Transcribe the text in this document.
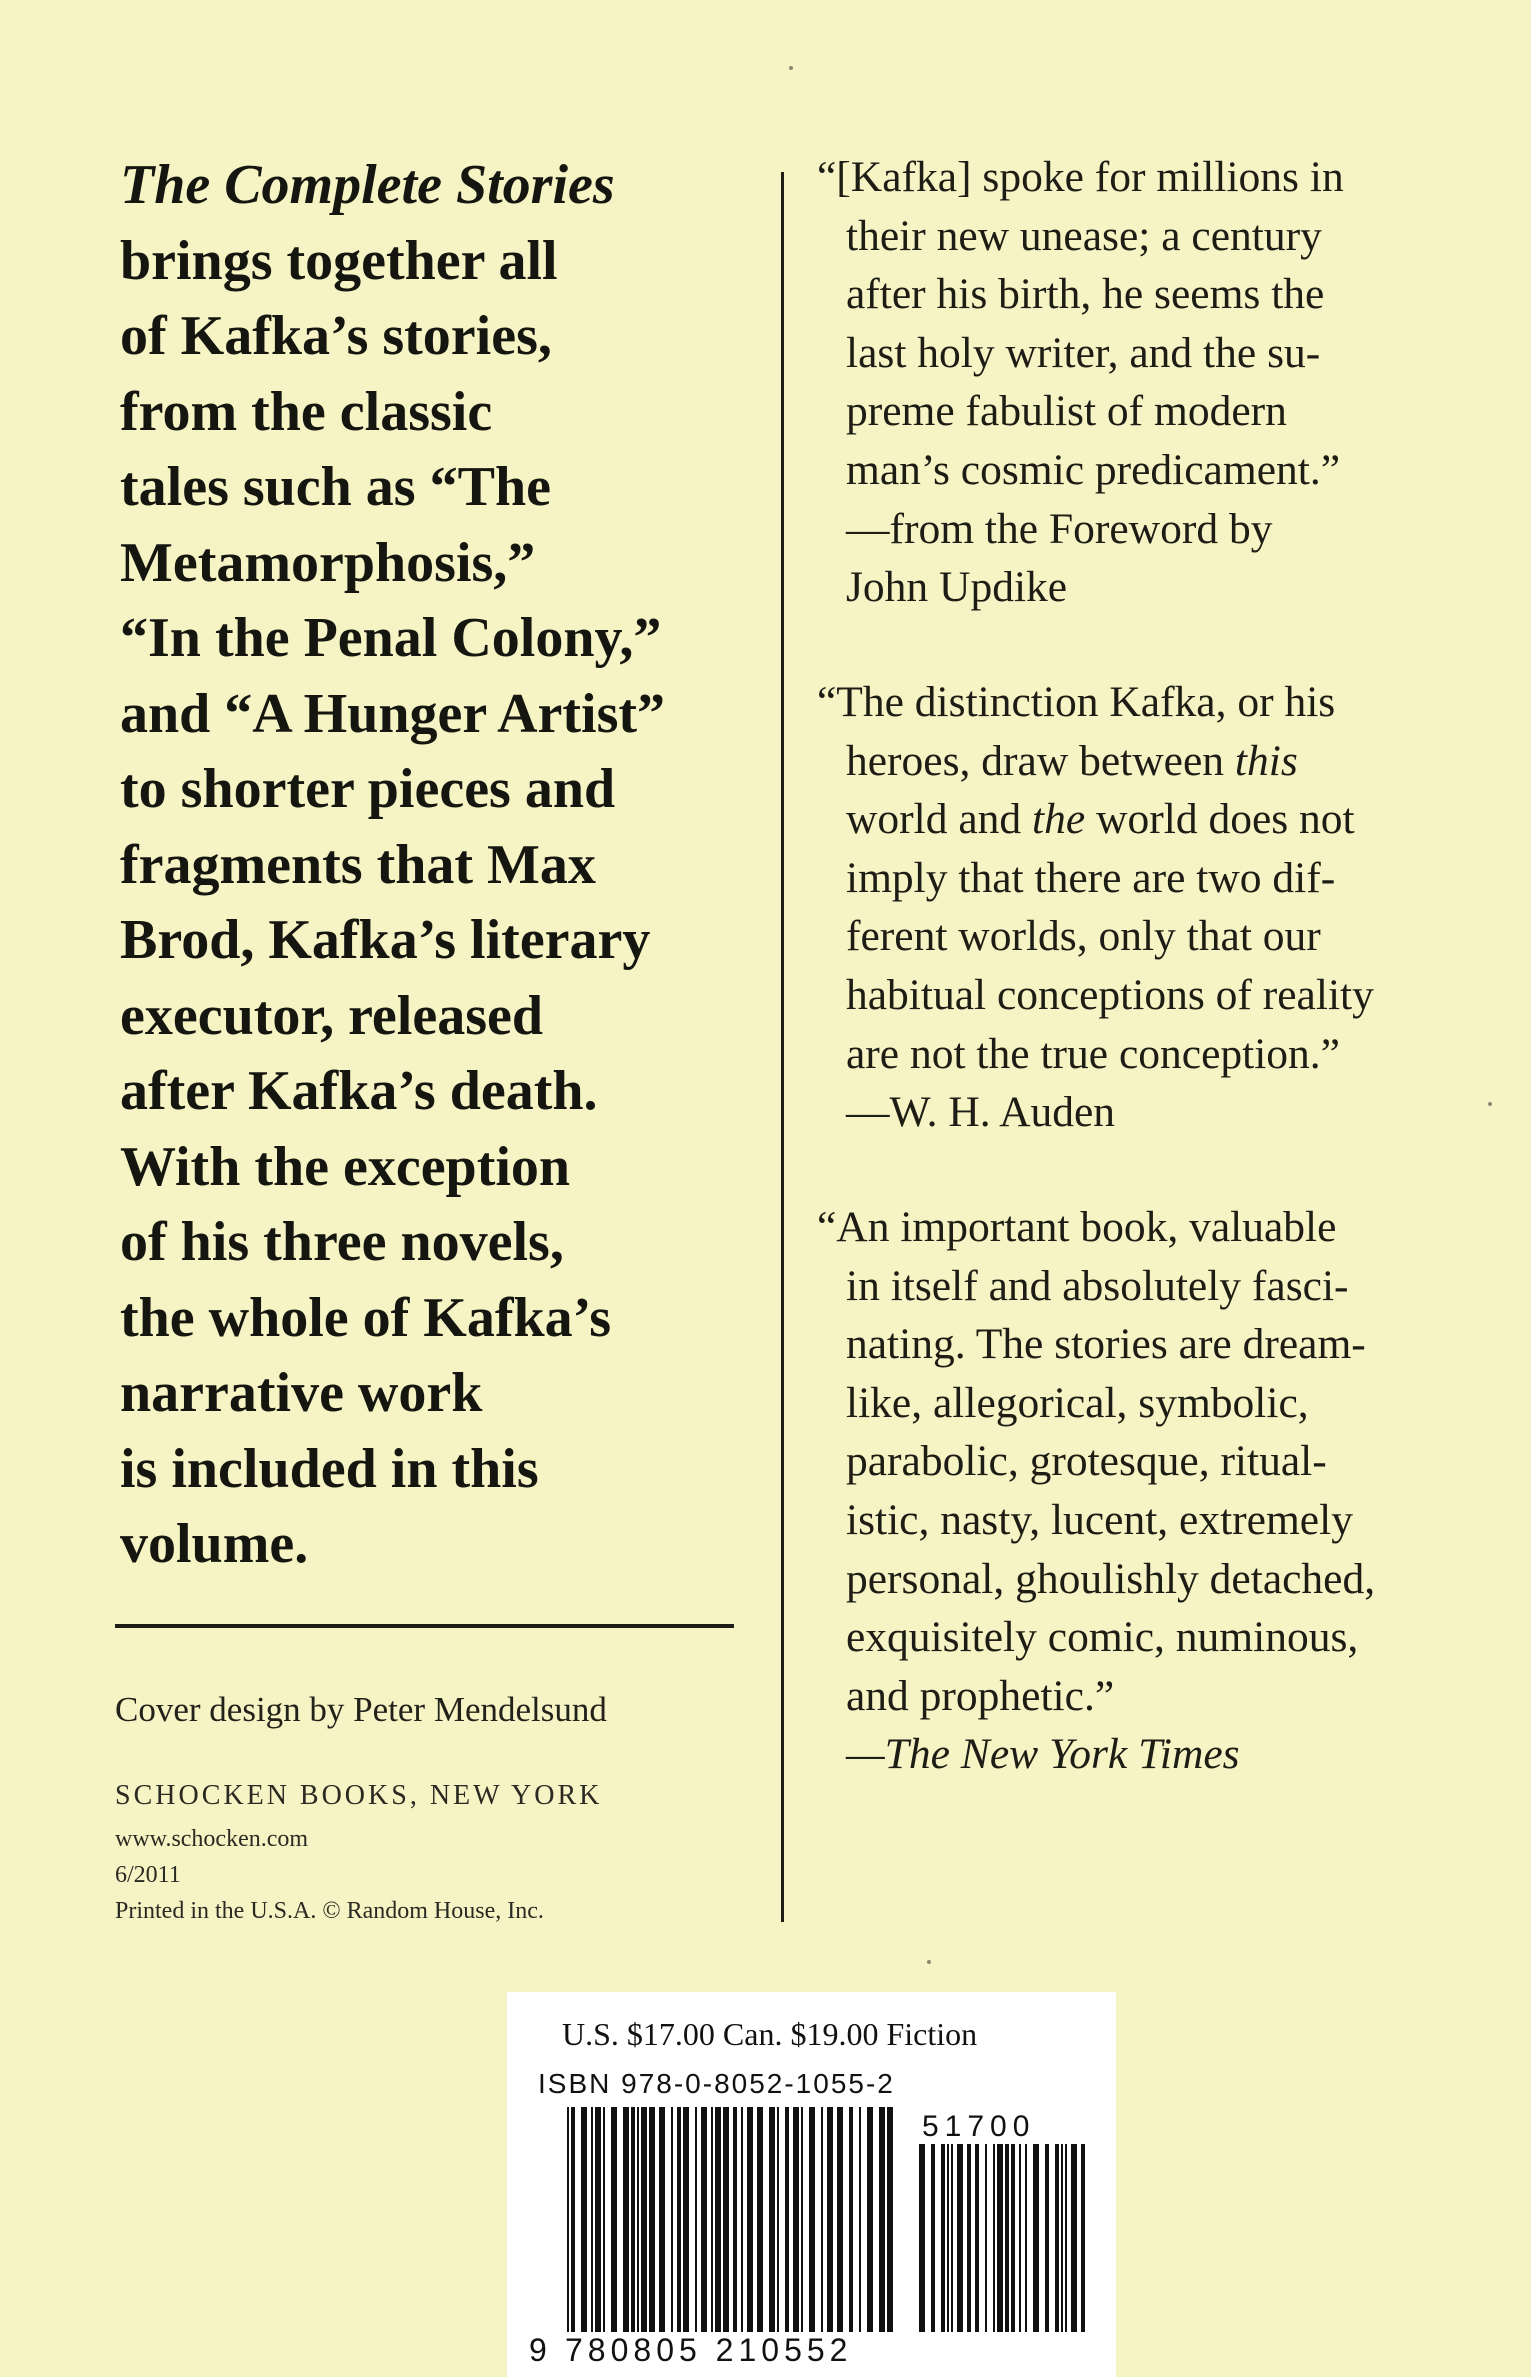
The Complete Stories
brings together all
of Kafka’s stories,
from the classic
tales such as “The
Metamorphosis,”
“In the Penal Colony,”
and “A Hunger Artist”
to shorter pieces and
fragments that Max
Brod, Kafka’s literary
executor, released
after Kafka’s death.
With the exception
of his three novels,
the whole of Kafka’s
narrative work
is included in this
volume.

Cover design by Peter Mendelsund
SCHOCKEN BOOKS, NEW YORK
www.schocken.com
6/2011
Printed in the U.S.A. © Random House, Inc.
“[Kafka] spoke for millions in
their new unease; a century
after his birth, he seems the
last holy writer, and the su-
preme fabulist of modern
man’s cosmic predicament.”
—from the Foreword by
John Updike
“The distinction Kafka, or his
heroes, draw between this
world and the world does not
imply that there are two dif-
ferent worlds, only that our
habitual conceptions of reality
are not the true conception.”
—W. H. Auden
“An important book, valuable
in itself and absolutely fasci-
nating. The stories are dream-
like, allegorical, symbolic,
parabolic, grotesque, ritual-
istic, nasty, lucent, extremely
personal, ghoulishly detached,
exquisitely comic, numinous,
and prophetic.”
—The New York Times
U.S. $17.00 Can. $19.00 Fiction
ISBN 978-0-8052-1055-2
51700
9 780805 210552
